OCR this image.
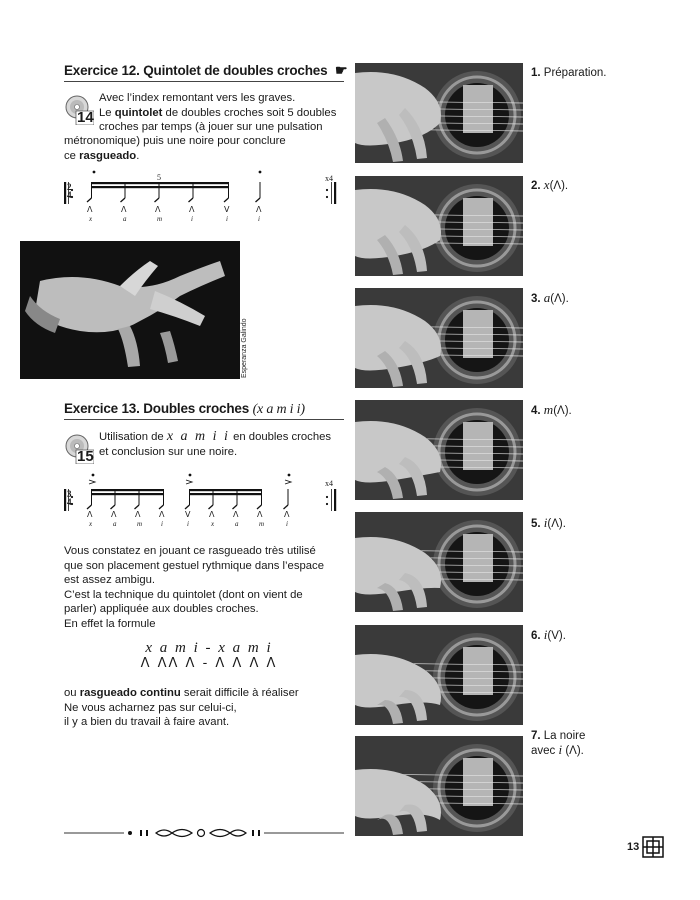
Exercice 12. Quintolet de doubles croches ☛
14
Avec l’index remontant vers les graves.
Le quintolet de doubles croches soit 5 doubles
croches par temps (à jouer sur une pulsation
métronomique) puis une noire pour conclure
ce rasgueado.
2
4
5	x4
Λ
x
Λ
a
Λ
m
Λ
i
V
i
Λ
i
Esperanza Galindo
Exercice 13. Doubles croches (x a m i i)
15
Utilisation de x a m i i en doubles croches
et conclusion sur une noire.
3
4
x4
Λ
x
Λ
a
Λ
m
Λ
i
V
i
Λ
x
Λ
a
Λ
m
Λ
i
Vous constatez en jouant ce rasgueado très utilisé
que son placement gestuel rythmique dans l’espace
est assez ambigu.
C’est la technique du quintolet (dont on vient de
parler) appliquée aux doubles croches.
En effet la formule
x a m i - x a m i
Λ ΛΛ Λ - Λ Λ Λ Λ
ou rasgueado continu serait difficile à réaliser
Ne vous acharnez pas sur celui-ci,
il y a bien du travail à faire avant.
1. Préparation.
2. x(Λ).
3. a(Λ).
4. m(Λ).
5. i(Λ).
6. i(V).
7. La noire
avec i (Λ).
13
